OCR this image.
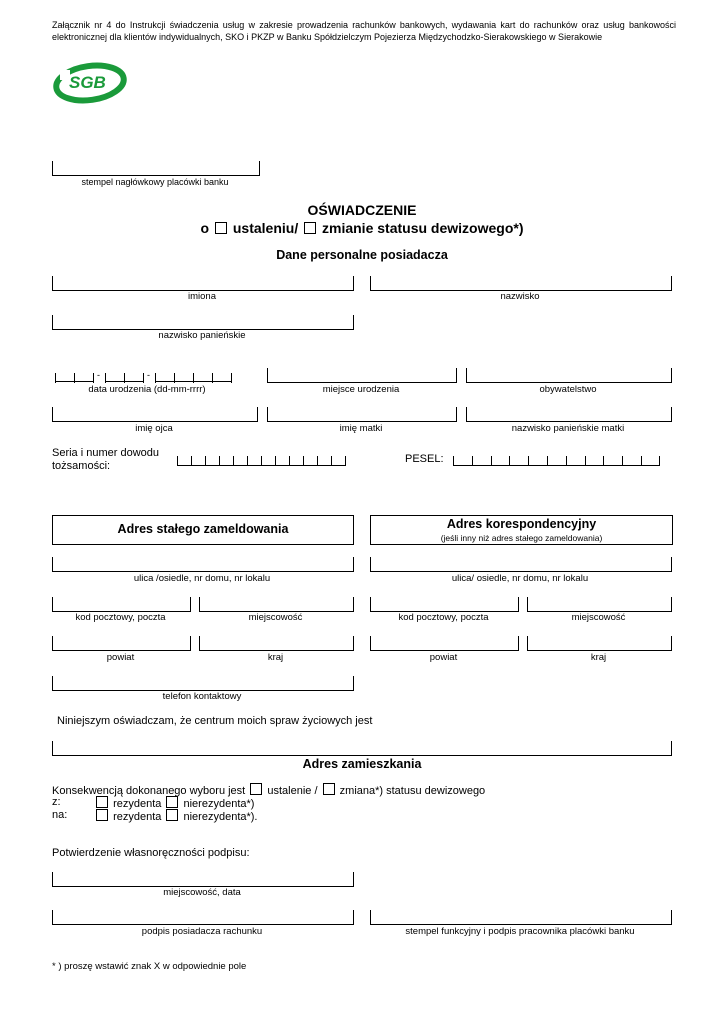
Załącznik nr 4 do Instrukcji świadczenia usług w zakresie prowadzenia rachunków bankowych, wydawania kart do rachunków oraz usług bankowości elektronicznej dla klientów indywidualnych, SKO i PKZP w Banku Spółdzielczym Pojezierza Międzychodzko-Sierakowskiego w Sierakowie
SGB
stempel nagłówkowy placówki banku
OŚWIADCZENIE
o ustaleniu/ zmianie statusu dewizowego*)
Dane personalne posiadacza
imiona	nazwisko
nazwisko panieńskie
-	-
data urodzenia (dd-mm-rrrr)	miejsce urodzenia	obywatelstwo
imię ojca	imię matki	nazwisko panieńskie matki
Seria i numer dowodu
tożsamości:
PESEL:
Adres stałego zameldowania	Adres korespondencyjny
(jeśli inny niż adres stałego zameldowania)
ulica /osiedle, nr domu, nr lokalu	ulica/ osiedle, nr domu, nr lokalu
kod pocztowy, poczta	miejscowość	kod pocztowy, poczta	miejscowość
powiat	kraj	powiat	kraj
telefon kontaktowy
Niniejszym oświadczam, że centrum moich spraw życiowych jest
Adres zamieszkania
Konsekwencją dokonanego wyboru jest ustalenie / zmiana*) statusu dewizowego
z:	rezydenta nierezydenta*)
na:	rezydenta nierezydenta*).
Potwierdzenie własnoręczności podpisu:
miejscowość, data
podpis posiadacza rachunku	stempel funkcyjny i podpis pracownika placówki banku
* ) proszę wstawić znak X w odpowiednie pole
